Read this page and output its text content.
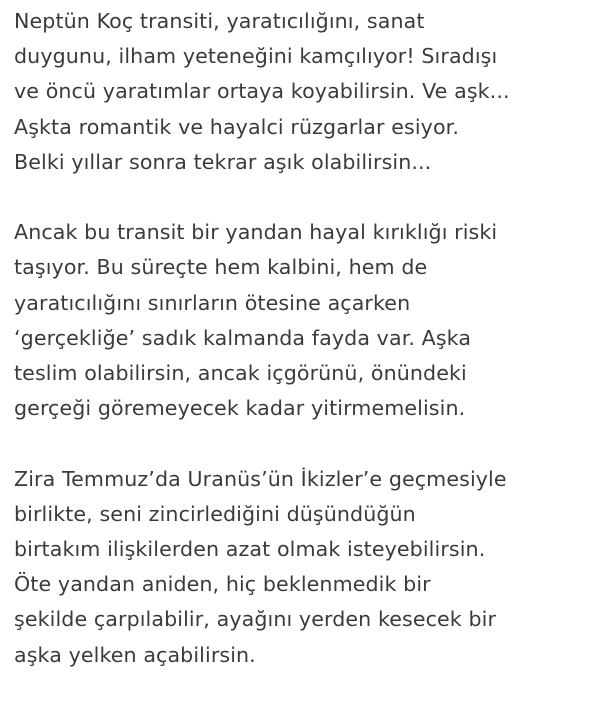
Neptün Koç transiti, yaratıcılığını, sanat
duygunu, ilham yeteneğini kamçılıyor! Sıradışı
ve öncü yaratımlar ortaya koyabilirsin. Ve aşk...
Aşkta romantik ve hayalci rüzgarlar esiyor.
Belki yıllar sonra tekrar aşık olabilirsin...

Ancak bu transit bir yandan hayal kırıklığı riski
taşıyor. Bu süreçte hem kalbini, hem de
yaratıcılığını sınırların ötesine açarken
‘gerçekliğe’ sadık kalmanda fayda var. Aşka
teslim olabilirsin, ancak içgörünü, önündeki
gerçeği göremeyecek kadar yitirmemelisin.

Zira Temmuz’da Uranüs’ün İkizler’e geçmesiyle
birlikte, seni zincirlediğini düşündüğün
birtakım ilişkilerden azat olmak isteyebilirsin.
Öte yandan aniden, hiç beklenmedik bir
şekilde çarpılabilir, ayağını yerden kesecek bir
aşka yelken açabilirsin.
